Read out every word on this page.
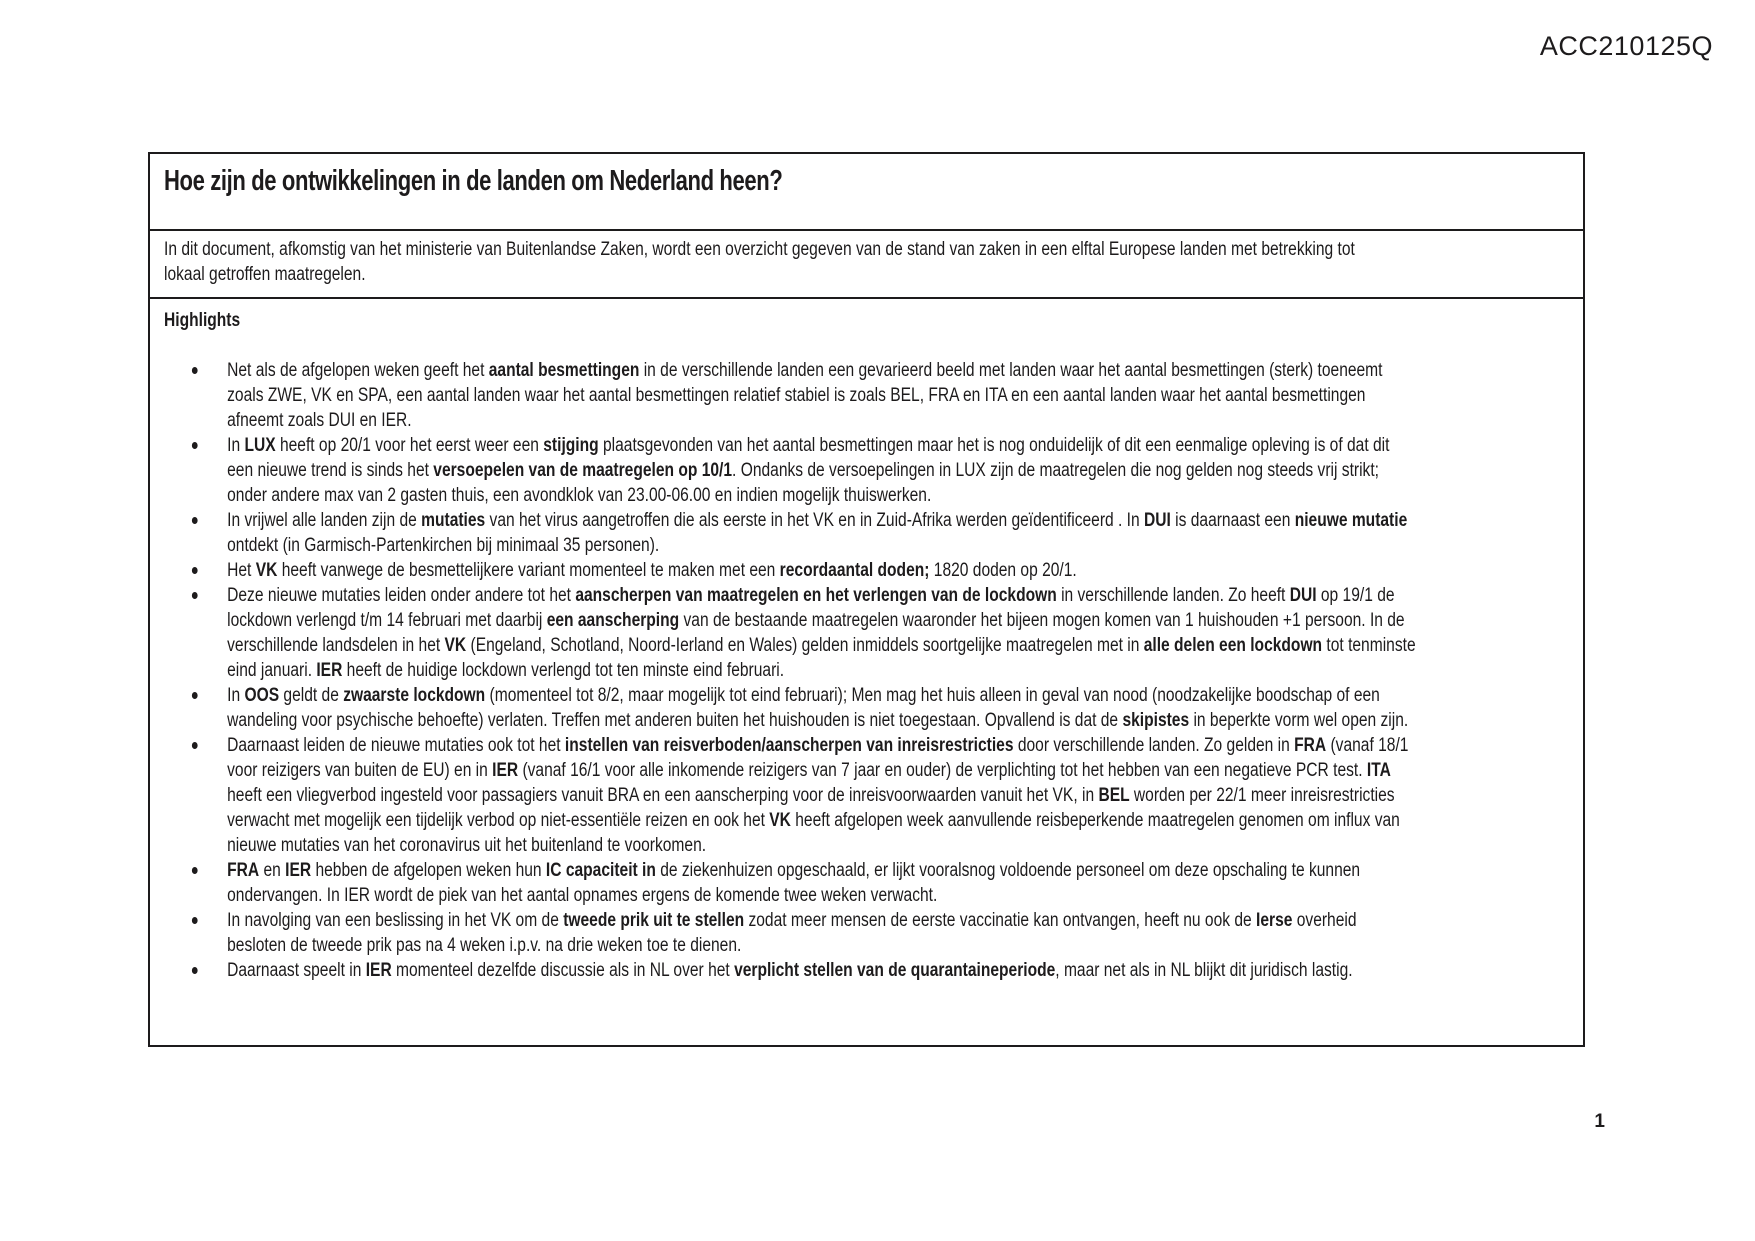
ACC210125Q
Hoe zijn de ontwikkelingen in de landen om Nederland heen?

In dit document, afkomstig van het ministerie van Buitenlandse Zaken, wordt een overzicht gegeven van de stand van zaken in een elftal Europese landen met betrekking tot lokaal getroffen maatregelen.

Highlights
Net als de afgelopen weken geeft het aantal besmettingen in de verschillende landen een gevarieerd beeld met landen waar het aantal besmettingen (sterk) toeneemt zoals ZWE, VK en SPA, een aantal landen waar het aantal besmettingen relatief stabiel is zoals BEL, FRA en ITA en een aantal landen waar het aantal besmettingen afneemt zoals DUI en IER.
In LUX heeft op 20/1 voor het eerst weer een stijging plaatsgevonden van het aantal besmettingen maar het is nog onduidelijk of dit een eenmalige opleving is of dat dit een nieuwe trend is sinds het versoepelen van de maatregelen op 10/1. Ondanks de versoepelingen in LUX zijn de maatregelen die nog gelden nog steeds vrij strikt; onder andere max van 2 gasten thuis, een avondklok van 23.00-06.00 en indien mogelijk thuiswerken.
In vrijwel alle landen zijn de mutaties van het virus aangetroffen die als eerste in het VK en in Zuid-Afrika werden geïdentificeerd . In DUI is daarnaast een nieuwe mutatie ontdekt (in Garmisch-Partenkirchen bij minimaal 35 personen).
Het VK heeft vanwege de besmettelijkere variant momenteel te maken met een recordaantal doden; 1820 doden op 20/1.
Deze nieuwe mutaties leiden onder andere tot het aanscherpen van maatregelen en het verlengen van de lockdown in verschillende landen. Zo heeft DUI op 19/1 de lockdown verlengd t/m 14 februari met daarbij een aanscherping van de bestaande maatregelen waaronder het bijeen mogen komen van 1 huishouden +1 persoon. In de verschillende landsdelen in het VK (Engeland, Schotland, Noord-Ierland en Wales) gelden inmiddels soortgelijke maatregelen met in alle delen een lockdown tot tenminste eind januari. IER heeft de huidige lockdown verlengd tot ten minste eind februari.
In OOS geldt de zwaarste lockdown (momenteel tot 8/2, maar mogelijk tot eind februari); Men mag het huis alleen in geval van nood (noodzakelijke boodschap of een wandeling voor psychische behoefte) verlaten. Treffen met anderen buiten het huishouden is niet toegestaan. Opvallend is dat de skipistes in beperkte vorm wel open zijn.
Daarnaast leiden de nieuwe mutaties ook tot het instellen van reisverboden/aanscherpen van inreisrestricties door verschillende landen. Zo gelden in FRA (vanaf 18/1 voor reizigers van buiten de EU) en in IER (vanaf 16/1 voor alle inkomende reizigers van 7 jaar en ouder) de verplichting tot het hebben van een negatieve PCR test. ITA heeft een vliegverbod ingesteld voor passagiers vanuit BRA en een aanscherping voor de inreisvoorwaarden vanuit het VK, in BEL worden per 22/1 meer inreisrestricties verwacht met mogelijk een tijdelijk verbod op niet-essentiële reizen en ook het VK heeft afgelopen week aanvullende reisbeperkende maatregelen genomen om influx van nieuwe mutaties van het coronavirus uit het buitenland te voorkomen.
FRA en IER hebben de afgelopen weken hun IC capaciteit in de ziekenhuizen opgeschaald, er lijkt vooralsnog voldoende personeel om deze opschaling te kunnen ondervangen. In IER wordt de piek van het aantal opnames ergens de komende twee weken verwacht.
In navolging van een beslissing in het VK om de tweede prik uit te stellen zodat meer mensen de eerste vaccinatie kan ontvangen, heeft nu ook de Ierse overheid besloten de tweede prik pas na 4 weken i.p.v. na drie weken toe te dienen.
Daarnaast speelt in IER momenteel dezelfde discussie als in NL over het verplicht stellen van de quarantaineperiode, maar net als in NL blijkt dit juridisch lastig.
1
